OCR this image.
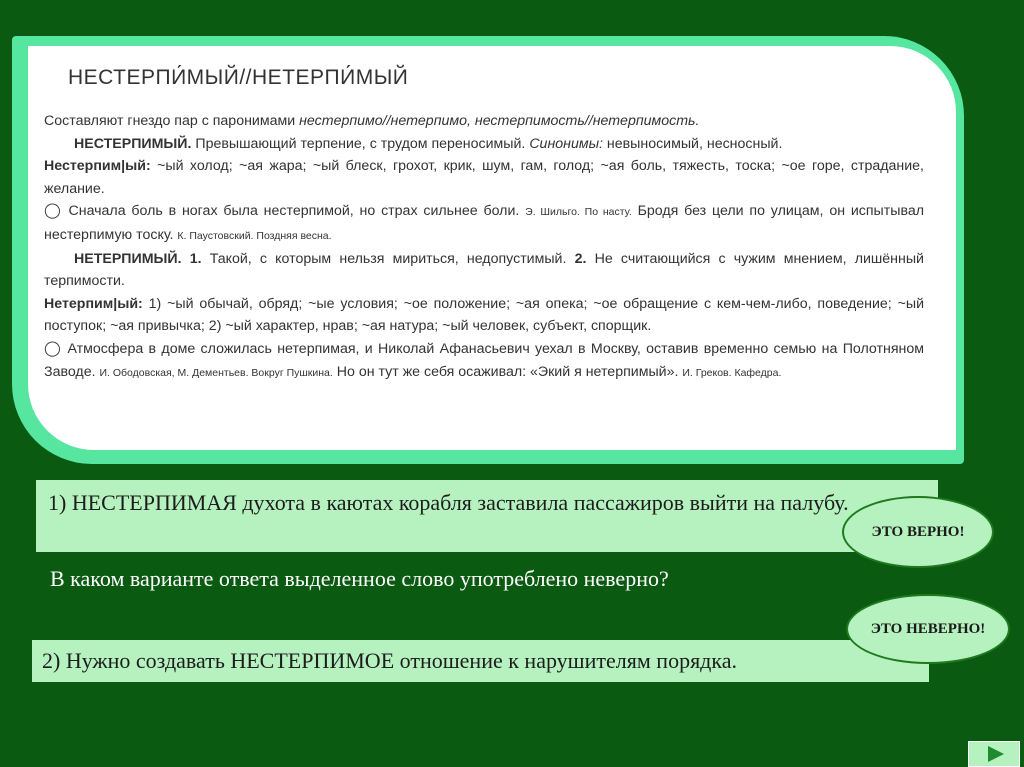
НЕСТЕРПИ́МЫЙ//НЕТЕРПИ́МЫЙ

Составляют гнездо пар с паронимами нестерпимо//нетерпимо, нестерпимость//нетерпимость.

НЕСТЕРПИМЫЙ. Превышающий терпение, с трудом переносимый. Синонимы: невыносимый, несносный.

Нестерпим|ый: ~ый холод; ~ая жара; ~ый блеск, грохот, крик, шум, гам, голод; ~ая боль, тяжесть, тоска; ~ое горе, страдание, желание.

◯ Сначала боль в ногах была нестерпимой, но страх сильнее боли. Э. Шильго. По насту. Бродя без цели по улицам, он испытывал нестерпимую тоску. К. Паустовский. Поздняя весна.

НЕТЕРПИМЫЙ. 1. Такой, с которым нельзя мириться, недопустимый. 2. Не считающийся с чужим мнением, лишённый терпимости.

Нетерпим|ый: 1) ~ый обычай, обряд; ~ые условия; ~ое положение; ~ая опека; ~ое обращение с кем-чем-либо, поведение; ~ый поступок; ~ая привычка; 2) ~ый характер, нрав; ~ая натура; ~ый человек, субъект, спорщик.

◯ Атмосфера в доме сложилась нетерпимая, и Николай Афанасьевич уехал в Москву, оставив временно семью на Полотняном Заводе. И. Ободовская, М. Дементьев. Вокруг Пушкина. Но он тут же себя осаживал: «Экий я нетерпимый». И. Греков. Кафедра.

1) НЕСТЕРПИМАЯ духота в каютах корабля заставила пассажиров выйти на палубу.
В каком варианте ответа выделенное слово употреблено неверно?
2) Нужно создавать НЕСТЕРПИМОЕ отношение к нарушителям порядка.
ЭТО ВЕРНО!
ЭТО НЕВЕРНО!
